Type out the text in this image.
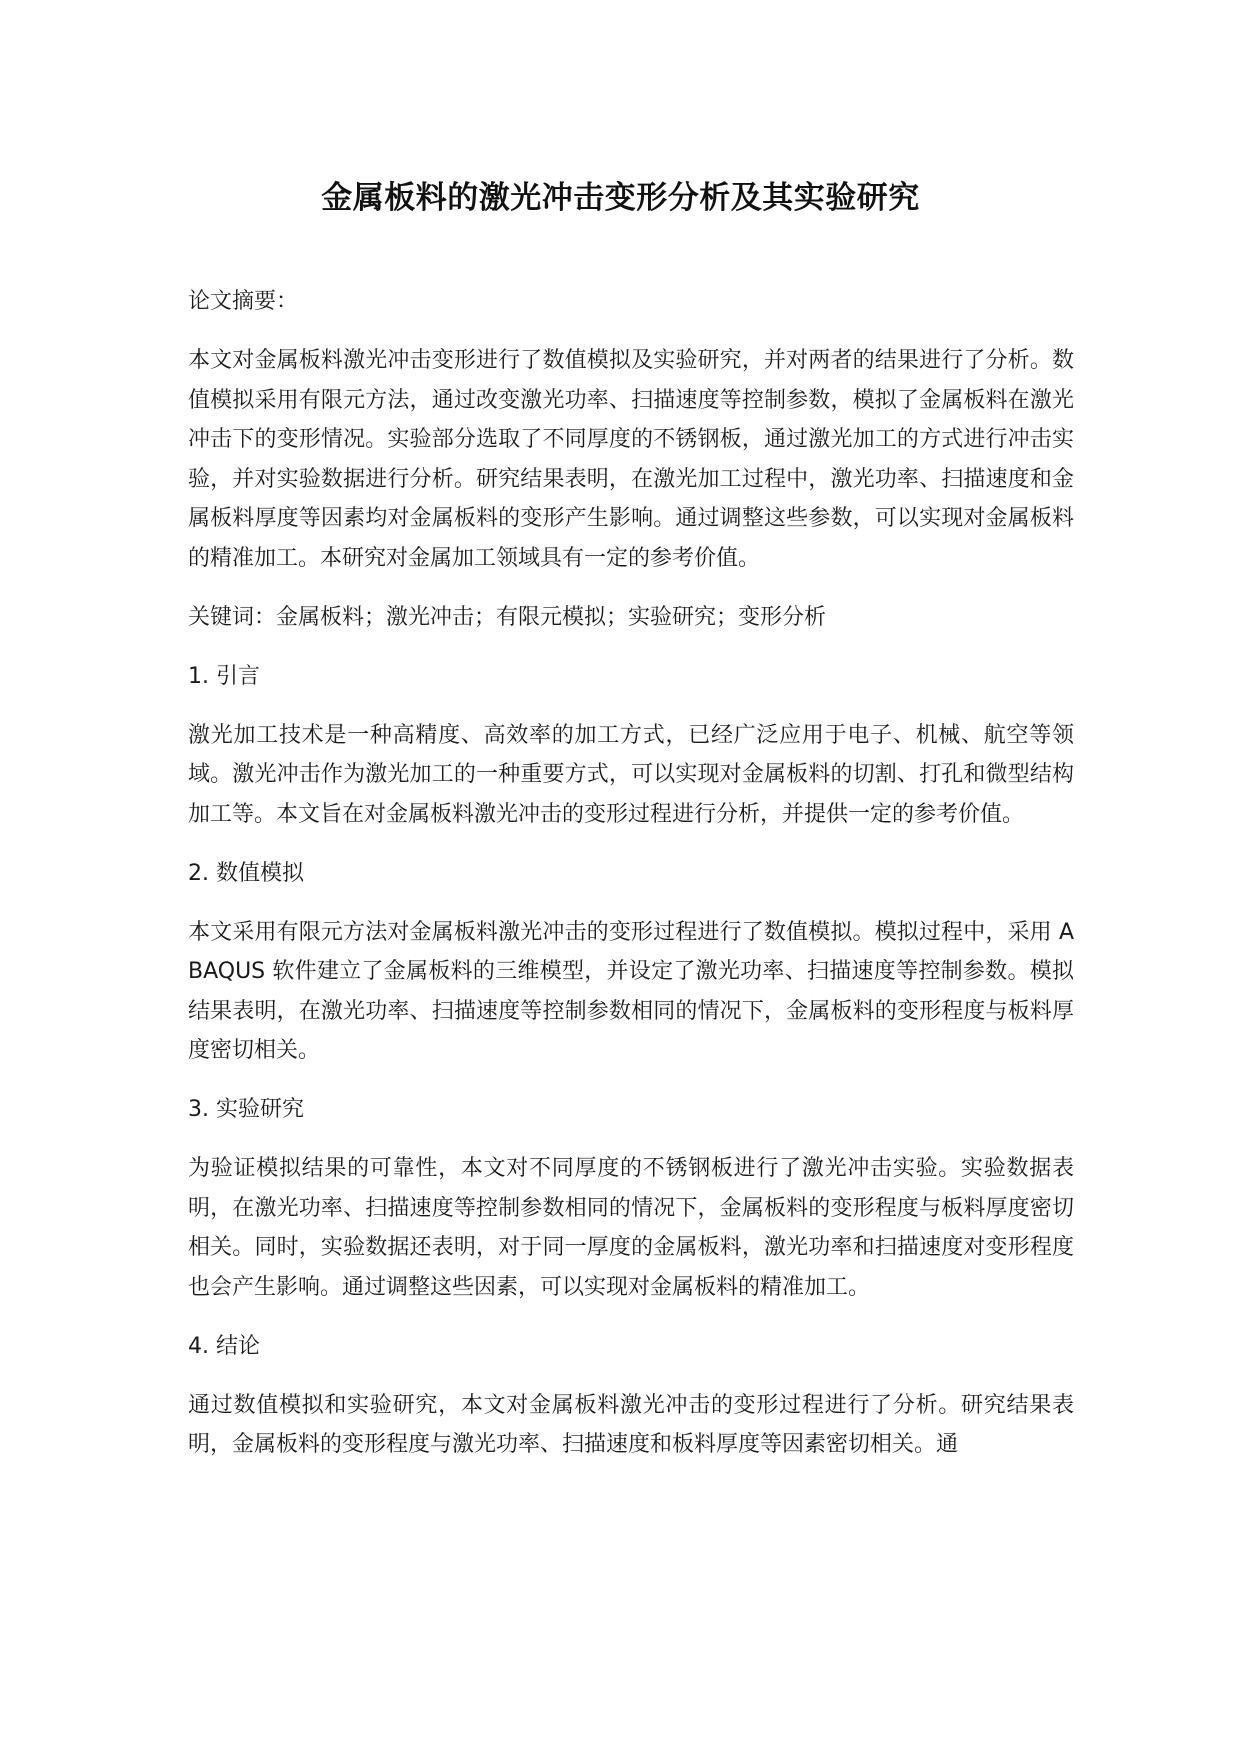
金属板料的激光冲击变形分析及其实验研究

论文摘要：

本文对金属板料激光冲击变形进行了数值模拟及实验研究，并对两者的结果进行了分析。数值模拟采用有限元方法，通过改变激光功率、扫描速度等控制参数，模拟了金属板料在激光冲击下的变形情况。实验部分选取了不同厚度的不锈钢板，通过激光加工的方式进行冲击实验，并对实验数据进行分析。研究结果表明，在激光加工过程中，激光功率、扫描速度和金属板料厚度等因素均对金属板料的变形产生影响。通过调整这些参数，可以实现对金属板料的精准加工。本研究对金属加工领域具有一定的参考价值。

关键词：金属板料；激光冲击；有限元模拟；实验研究；变形分析

1. 引言

激光加工技术是一种高精度、高效率的加工方式，已经广泛应用于电子、机械、航空等领域。激光冲击作为激光加工的一种重要方式，可以实现对金属板料的切割、打孔和微型结构加工等。本文旨在对金属板料激光冲击的变形过程进行分析，并提供一定的参考价值。

2. 数值模拟

本文采用有限元方法对金属板料激光冲击的变形过程进行了数值模拟。模拟过程中，采用 ABAQUS 软件建立了金属板料的三维模型，并设定了激光功率、扫描速度等控制参数。模拟结果表明，在激光功率、扫描速度等控制参数相同的情况下，金属板料的变形程度与板料厚度密切相关。

3. 实验研究

为验证模拟结果的可靠性，本文对不同厚度的不锈钢板进行了激光冲击实验。实验数据表明，在激光功率、扫描速度等控制参数相同的情况下，金属板料的变形程度与板料厚度密切相关。同时，实验数据还表明，对于同一厚度的金属板料，激光功率和扫描速度对变形程度也会产生影响。通过调整这些因素，可以实现对金属板料的精准加工。

4. 结论

通过数值模拟和实验研究，本文对金属板料激光冲击的变形过程进行了分析。研究结果表明，金属板料的变形程度与激光功率、扫描速度和板料厚度等因素密切相关。通
